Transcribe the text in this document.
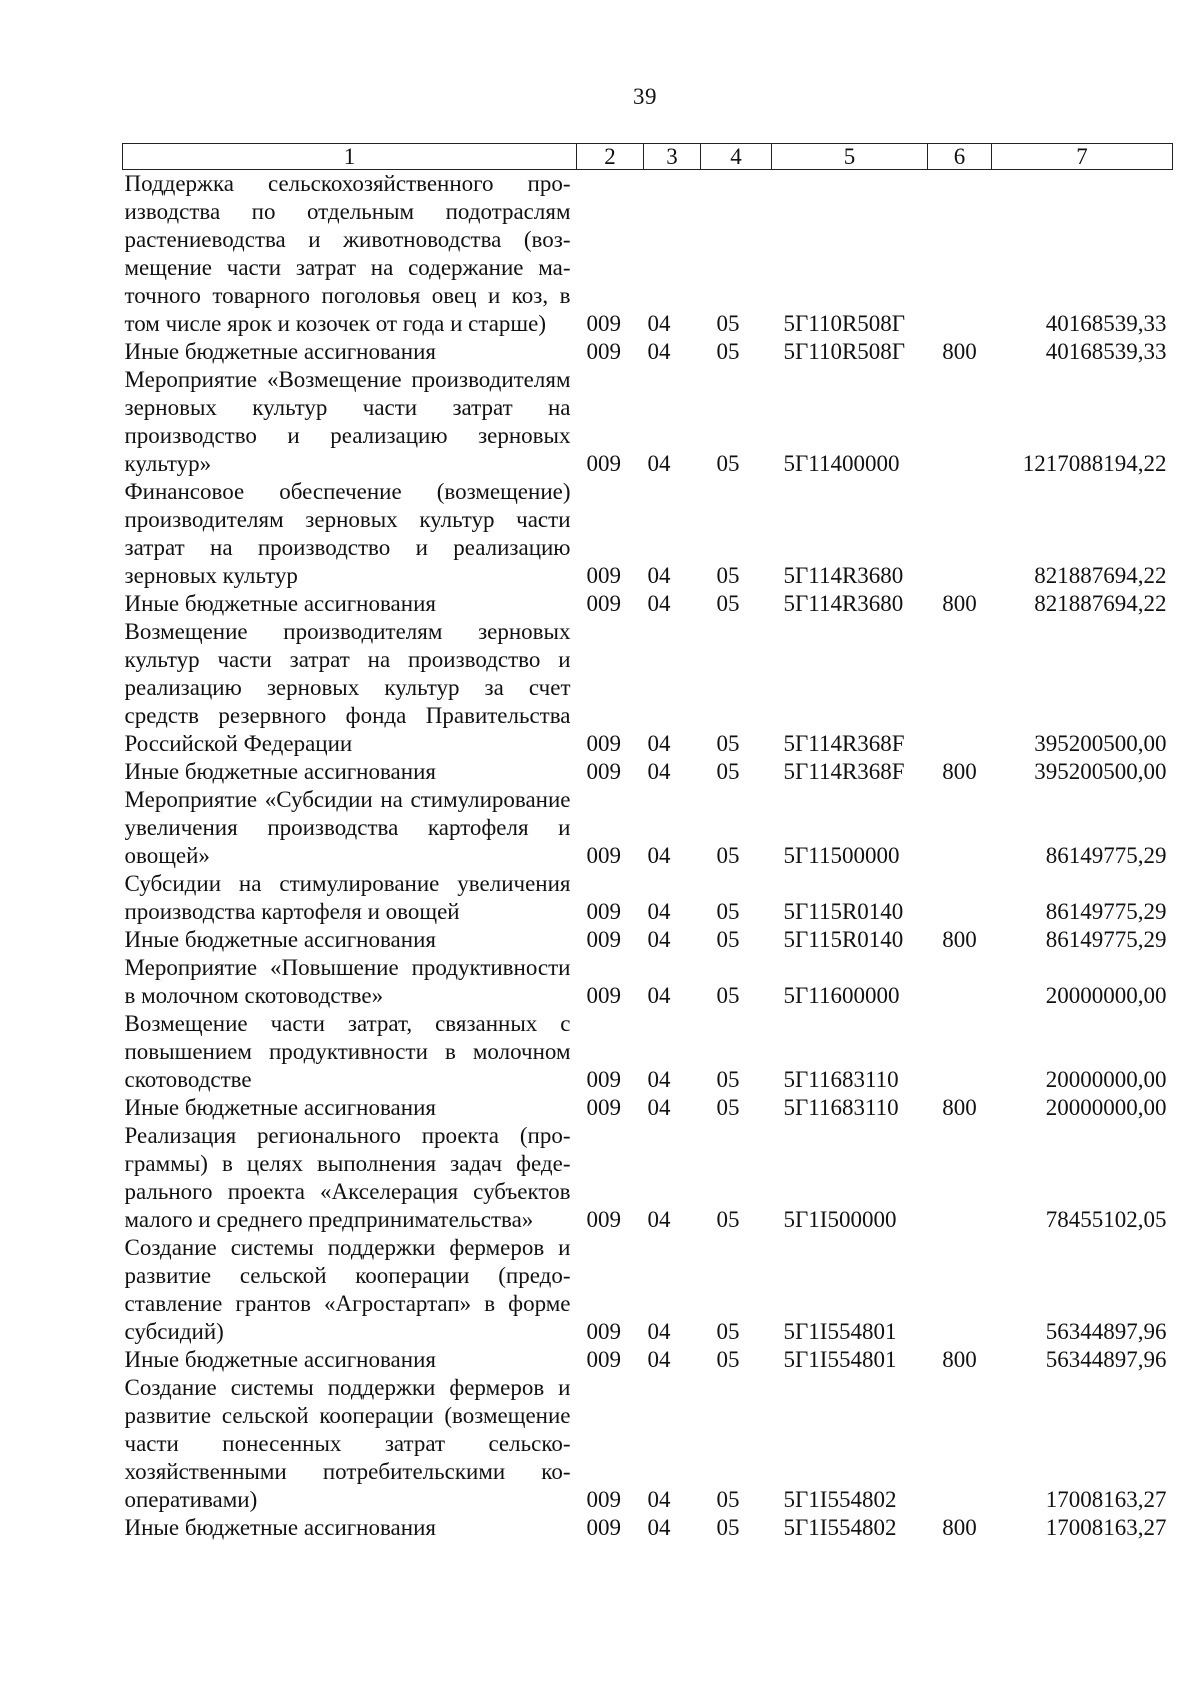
39
1	2	3	4	5	6	7
Поддержка сельскохозяйственного производства по отдельным подотраслям растениеводства и животноводства (возмещение части затрат на содержание маточного товарного поголовья овец и коз, в том числе ярок и козочек от года и старше)	009	04	05	5Г110R508Г		40168539,33
Иные бюджетные ассигнования	009	04	05	5Г110R508Г	800	40168539,33
Мероприятие «Возмещение производителям зерновых культур части затрат на производство и реализацию зерновых культур»	009	04	05	5Г11400000		1217088194,22
Финансовое обеспечение (возмещение) производителям зерновых культур части затрат на производство и реализацию зерновых культур	009	04	05	5Г114R3680		821887694,22
Иные бюджетные ассигнования	009	04	05	5Г114R3680	800	821887694,22
Возмещение производителям зерновых культур части затрат на производство и реализацию зерновых культур за счет средств резервного фонда Правительства Российской Федерации	009	04	05	5Г114R368F		395200500,00
Иные бюджетные ассигнования	009	04	05	5Г114R368F	800	395200500,00
Мероприятие «Субсидии на стимулирование увеличения производства картофеля и овощей»	009	04	05	5Г11500000		86149775,29
Субсидии на стимулирование увеличения производства картофеля и овощей	009	04	05	5Г115R0140		86149775,29
Иные бюджетные ассигнования	009	04	05	5Г115R0140	800	86149775,29
Мероприятие «Повышение продуктивности в молочном скотоводстве»	009	04	05	5Г11600000		20000000,00
Возмещение части затрат, связанных с повышением продуктивности в молочном скотоводстве	009	04	05	5Г11683110		20000000,00
Иные бюджетные ассигнования	009	04	05	5Г11683110	800	20000000,00
Реализация регионального проекта (программы) в целях выполнения задач федерального проекта «Акселерация субъектов малого и среднего предпринимательства»	009	04	05	5Г1I500000		78455102,05
Создание системы поддержки фермеров и развитие сельской кооперации (предоставление грантов «Агростартап» в форме субсидий)	009	04	05	5Г1I554801		56344897,96
Иные бюджетные ассигнования	009	04	05	5Г1I554801	800	56344897,96
Создание системы поддержки фермеров и развитие сельской кооперации (возмещение части понесенных затрат сельскохозяйственными потребительскими кооперативами)	009	04	05	5Г1I554802		17008163,27
Иные бюджетные ассигнования	009	04	05	5Г1I554802	800	17008163,27
